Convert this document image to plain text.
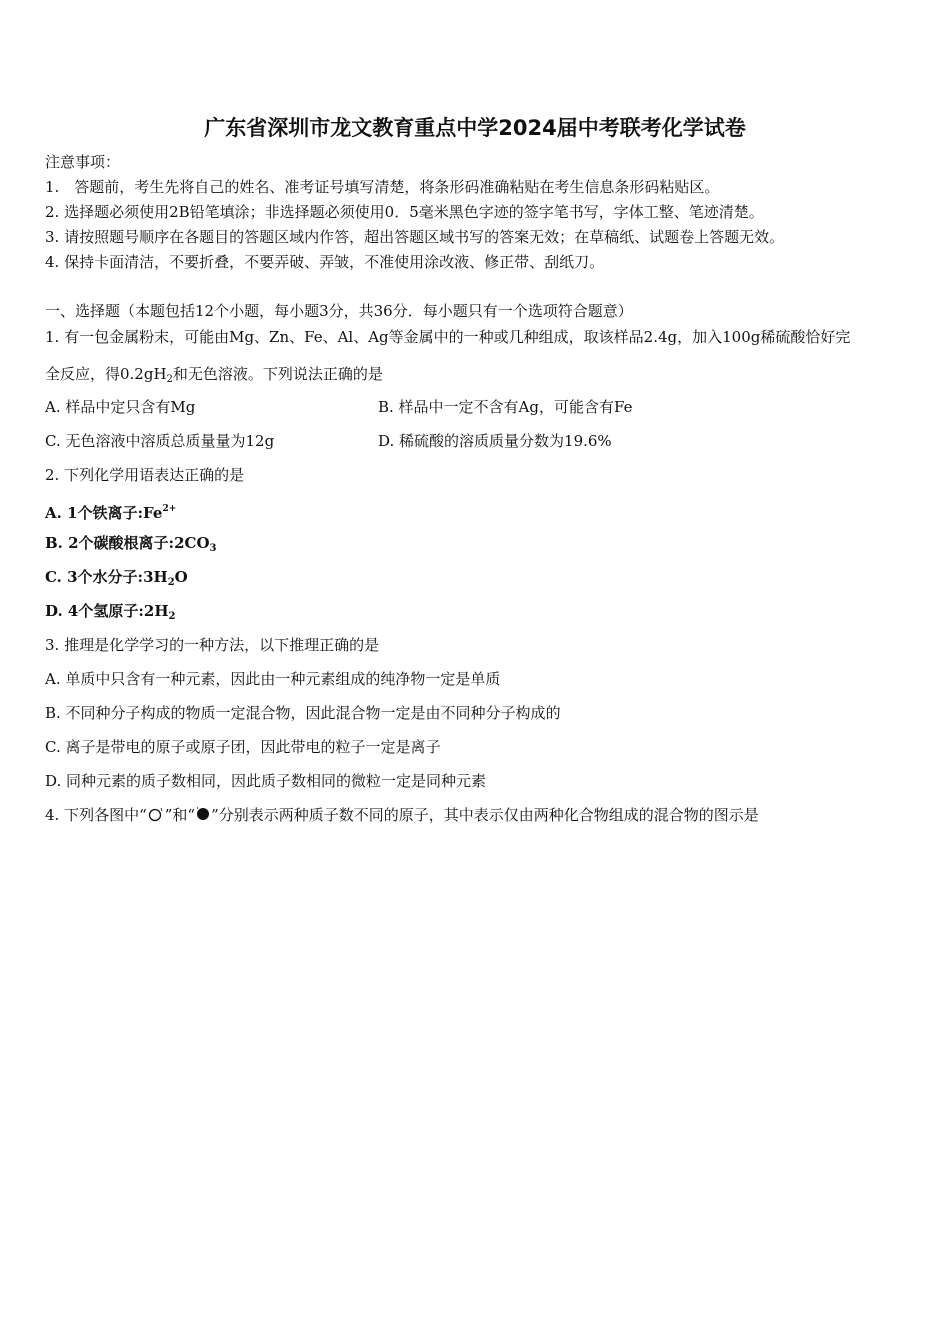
广东省深圳市龙文教育重点中学2024届中考联考化学试卷
注意事项：
1.　答题前，考生先将自己的姓名、准考证号填写清楚，将条形码准确粘贴在考生信息条形码粘贴区。
2. 选择题必须使用2B铅笔填涂；非选择题必须使用0．5毫米黑色字迹的签字笔书写，字体工整、笔迹清楚。
3. 请按照题号顺序在各题目的答题区域内作答，超出答题区域书写的答案无效；在草稿纸、试题卷上答题无效。
4. 保持卡面清洁，不要折叠，不要弄破、弄皱，不准使用涂改液、修正带、刮纸刀。
一、选择题（本题包括12个小题，每小题3分，共36分．每小题只有一个选项符合题意）
1. 有一包金属粉末，可能由Mg、Zn、Fe、Al、Ag等金属中的一种或几种组成，取该样品2.4g，加入100g稀硫酸恰好完
全反应，得$0.2gH_2$和无色溶液。下列说法正确的是
A. 样品中定只含有Mg	B. 样品中一定不含有Ag，可能含有Fe
C. 无色溶液中溶质总质量量为12g	D. 稀硫酸的溶质质量分数为19.6%
2. 下列化学用语表达正确的是
A. 1个铁离子$:Fe^{2+}$
B. 2个碳酸根离子$:2CO_3$
C. 3个水分子$:3H_2O$
D. 4个氢原子$:2H_2$
3. 推理是化学学习的一种方法，以下推理正确的是
A. 单质中只含有一种元素，因此由一种元素组成的纯净物一定是单质
B. 不同种分子构成的物质一定混合物，因此混合物一定是由不同种分子构成的
C. 离子是带电的原子或原子团，因此带电的粒子一定是离子
D. 同种元素的质子数相同，因此质子数相同的微粒一定是同种元素
4. 下列各图中“ ”和“ ”分别表示两种质子数不同的原子，其中表示仅由两种化合物组成的混合物的图示是
